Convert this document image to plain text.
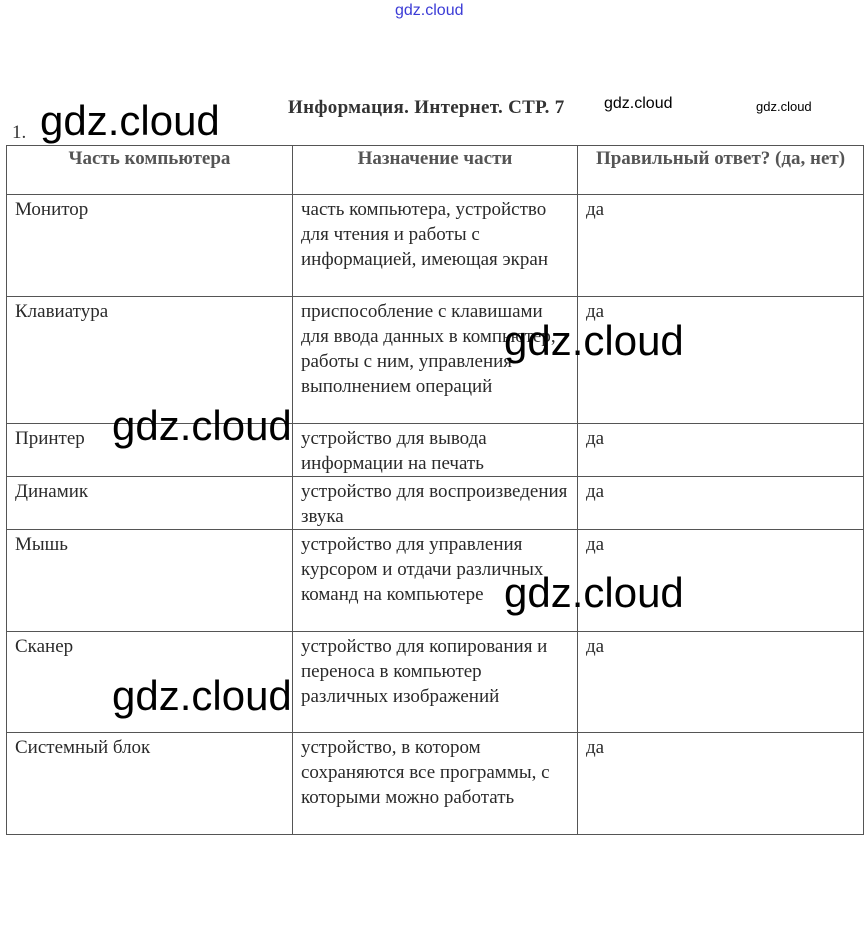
gdz.cloud
Информация. Интернет. СТР. 7
1. gdz.cloud	gdz.cloud	gdz.cloud
gdz.cloud
gdz.cloud
gdz.cloud
gdz.cloud
Часть компьютера	Назначение части	Правильный ответ? (да, нет)
Монитор	часть компьютера, устройство для чтения и работы с информацией, имеющая экран	да
Клавиатура	приспособление с клавишами для ввода данных в компьютер, работы с ним, управления выполнением операций	да
Принтер	устройство для вывода информации на печать	да
Динамик	устройство для воспроизведения звука	да
Мышь	устройство для управления курсором и отдачи различных команд на компьютере	да
Сканер	устройство для копирования и переноса в компьютер различных изображений	да
Системный блок	устройство, в котором сохраняются все программы, с которыми можно работать	да
